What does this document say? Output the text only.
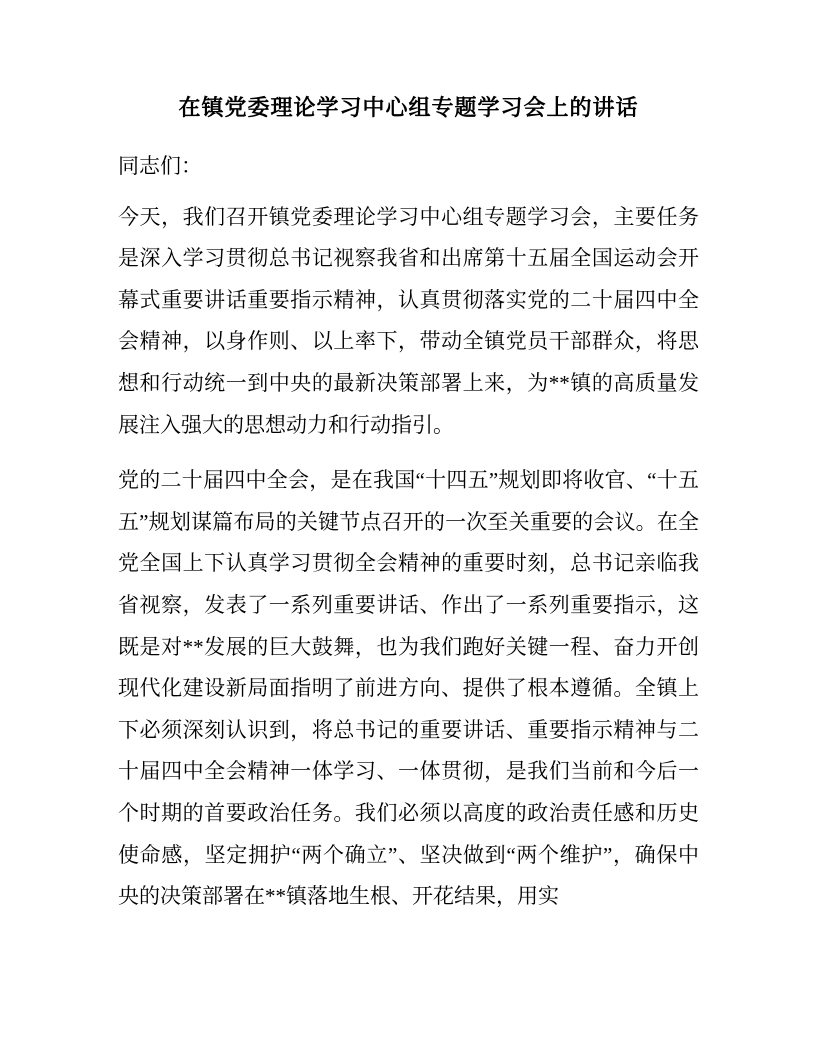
在镇党委理论学习中心组专题学习会上的讲话

同志们：

今天，我们召开镇党委理论学习中心组专题学习会，主要任务是深入学习贯彻总书记视察我省和出席第十五届全国运动会开幕式重要讲话重要指示精神，认真贯彻落实党的二十届四中全会精神，以身作则、以上率下，带动全镇党员干部群众，将思想和行动统一到中央的最新决策部署上来，为**镇的高质量发展注入强大的思想动力和行动指引。

党的二十届四中全会，是在我国“十四五”规划即将收官、“十五五”规划谋篇布局的关键节点召开的一次至关重要的会议。在全党全国上下认真学习贯彻全会精神的重要时刻，总书记亲临我省视察，发表了一系列重要讲话、作出了一系列重要指示，这既是对**发展的巨大鼓舞，也为我们跑好关键一程、奋力开创现代化建设新局面指明了前进方向、提供了根本遵循。全镇上下必须深刻认识到，将总书记的重要讲话、重要指示精神与二十届四中全会精神一体学习、一体贯彻，是我们当前和今后一个时期的首要政治任务。我们必须以高度的政治责任感和历史使命感，坚定拥护“两个确立”、坚决做到“两个维护”，确保中央的决策部署在**镇落地生根、开花结果，用实
